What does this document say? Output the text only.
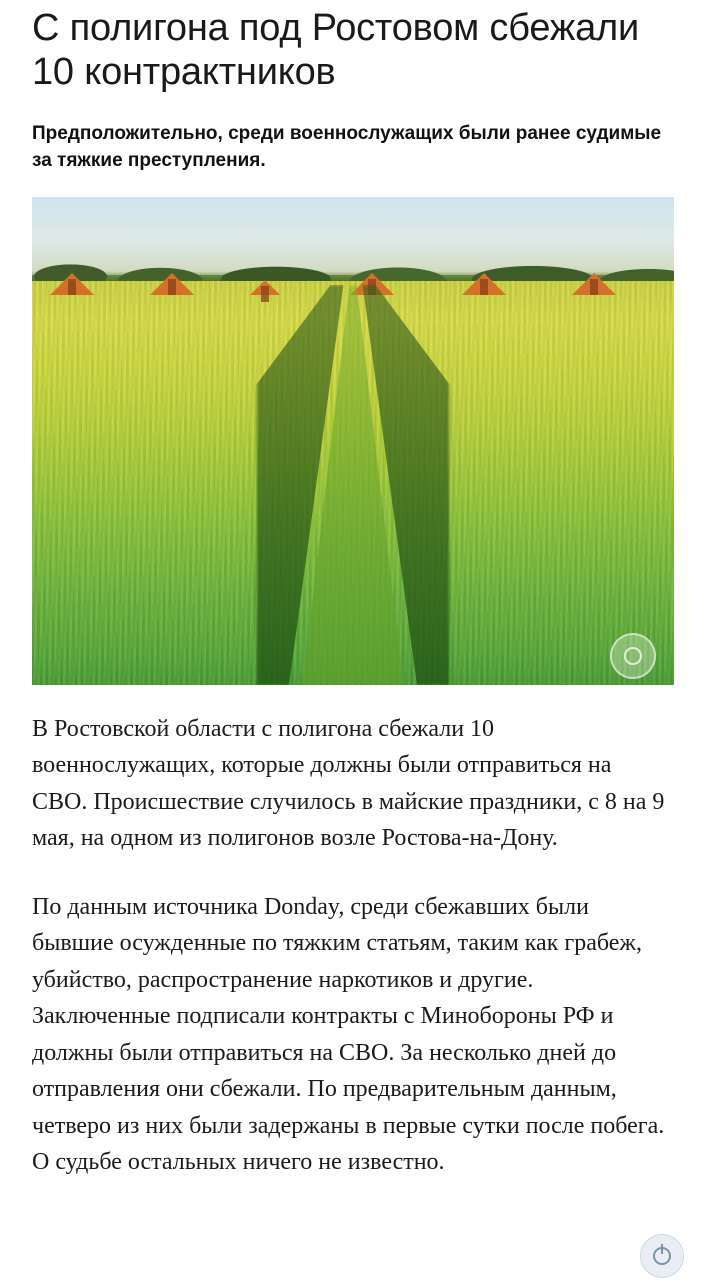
С полигона под Ростовом сбежали 10 контрактников

Предположительно, среди военнослужащих были ранее судимые за тяжкие преступления.

В Ростовской области с полигона сбежали 10 военнослужащих, которые должны были отправиться на СВО. Происшествие случилось в майские праздники, с 8 на 9 мая, на одном из полигонов возле Ростова-на-Дону.

По данным источника Donday, среди сбежавших были бывшие осужденные по тяжким статьям, таким как грабеж, убийство, распространение наркотиков и другие. Заключенные подписали контракты с Минобороны РФ и должны были отправиться на СВО. За несколько дней до отправления они сбежали. По предварительным данным, четверо из них были задержаны в первые сутки после побега. О судьбе остальных ничего не известно.
